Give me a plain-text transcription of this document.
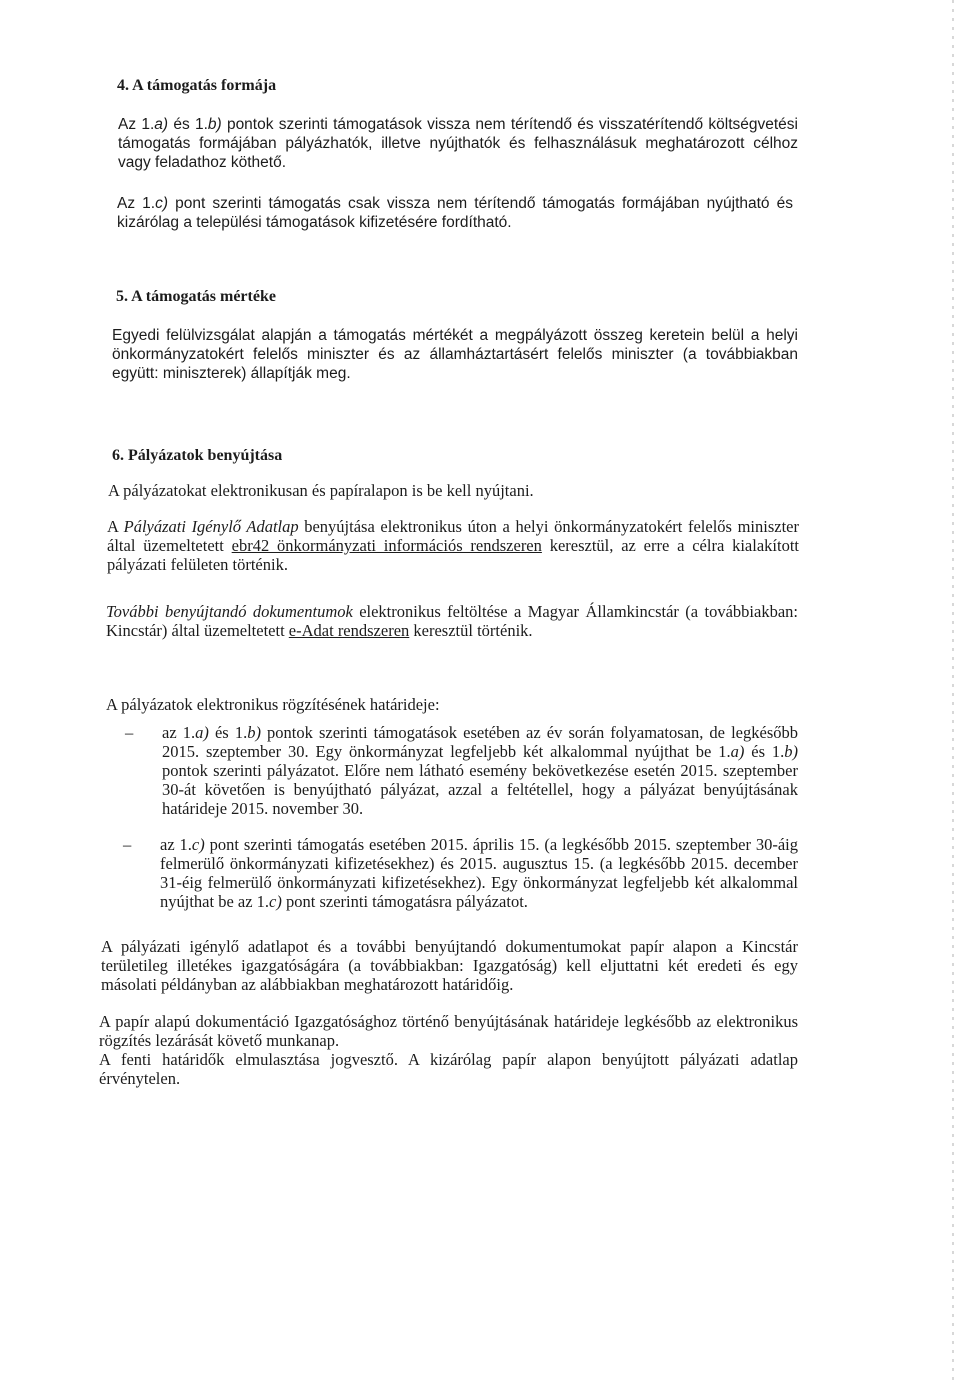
4. A támogatás formája

Az 1.a) és 1.b) pontok szerinti támogatások vissza nem térítendő és visszatérítendő költségvetési támogatás formájában pályázhatók, illetve nyújthatók és felhasználásuk meghatározott célhoz vagy feladathoz köthető.

Az 1.c) pont szerinti támogatás csak vissza nem térítendő támogatás formájában nyújtható és kizárólag a települési támogatások kifizetésére fordítható.

5. A támogatás mértéke

Egyedi felülvizsgálat alapján a támogatás mértékét a megpályázott összeg keretein belül a helyi önkormányzatokért felelős miniszter és az államháztartásért felelős miniszter (a továbbiakban együtt: miniszterek) állapítják meg.

6. Pályázatok benyújtása

A pályázatokat elektronikusan és papíralapon is be kell nyújtani.

A Pályázati Igénylő Adatlap benyújtása elektronikus úton a helyi önkormányzatokért felelős miniszter által üzemeltetett ebr42 önkormányzati információs rendszeren keresztül, az erre a célra kialakított pályázati felületen történik.

További benyújtandó dokumentumok elektronikus feltöltése a Magyar Államkincstár (a továbbiakban: Kincstár) által üzemeltetett e-Adat rendszeren keresztül történik.

A pályázatok elektronikus rögzítésének határideje:

– az 1.a) és 1.b) pontok szerinti támogatások esetében az év során folyamatosan, de legkésőbb 2015. szeptember 30. Egy önkormányzat legfeljebb két alkalommal nyújthat be 1.a) és 1.b) pontok szerinti pályázatot. Előre nem látható esemény bekövetkezése esetén 2015. szeptember 30-át követően is benyújtható pályázat, azzal a feltétellel, hogy a pályázat benyújtásának határideje 2015. november 30.

– az 1.c) pont szerinti támogatás esetében 2015. április 15. (a legkésőbb 2015. szeptember 30-áig felmerülő önkormányzati kifizetésekhez) és 2015. augusztus 15. (a legkésőbb 2015. december 31-éig felmerülő önkormányzati kifizetésekhez). Egy önkormányzat legfeljebb két alkalommal nyújthat be az 1.c) pont szerinti támogatásra pályázatot.

A pályázati igénylő adatlapot és a további benyújtandó dokumentumokat papír alapon a Kincstár területileg illetékes igazgatóságára (a továbbiakban: Igazgatóság) kell eljuttatni két eredeti és egy másolati példányban az alábbiakban meghatározott határidőig.

A papír alapú dokumentáció Igazgatósághoz történő benyújtásának határideje legkésőbb az elektronikus rögzítés lezárását követő munkanap.

A fenti határidők elmulasztása jogvesztő. A kizárólag papír alapon benyújtott pályázati adatlap érvénytelen.
